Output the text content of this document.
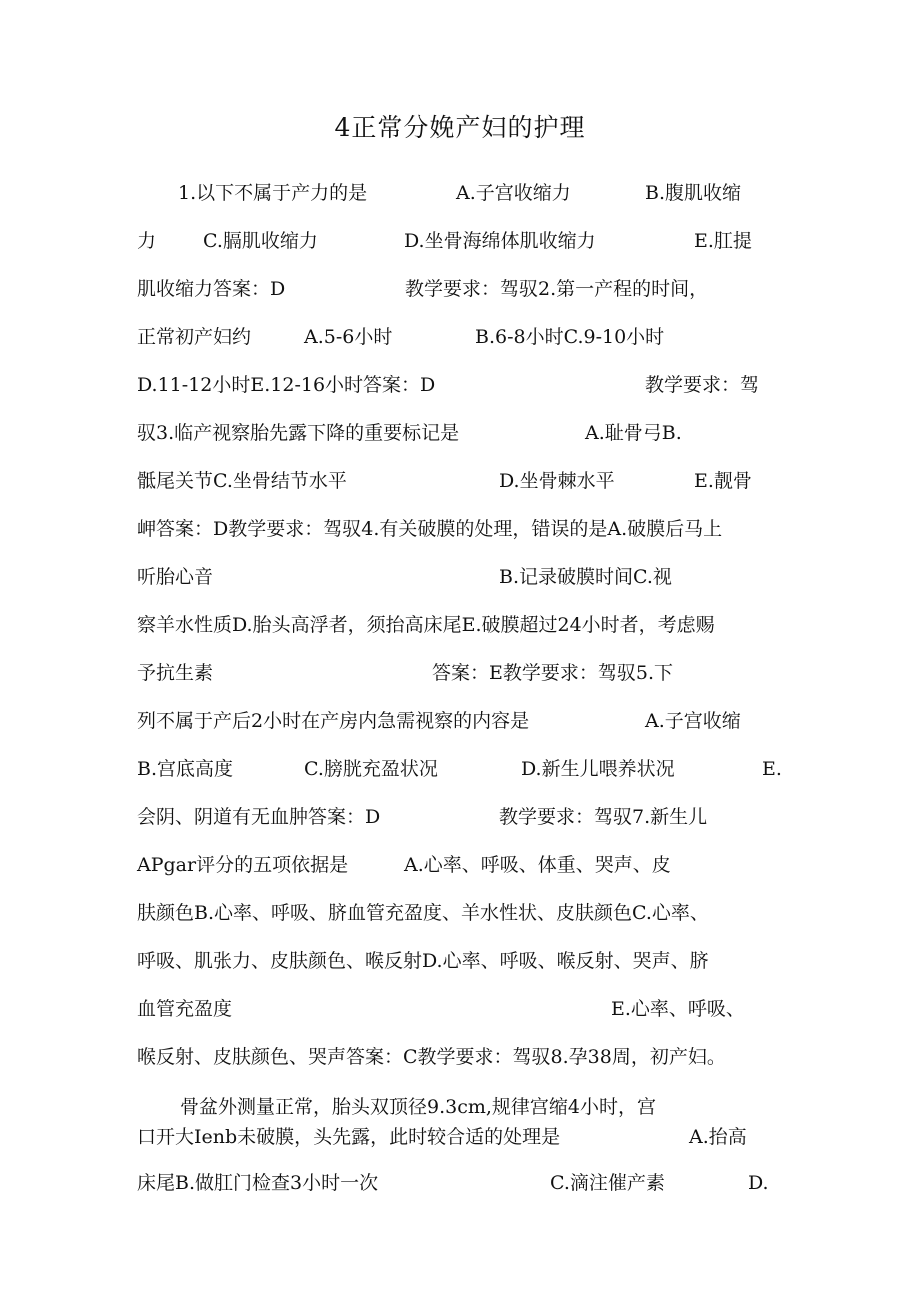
4正常分娩产妇的护理
1.以下不属于产力的是	A.子宫收缩力	B.腹肌收缩
力 C.膈肌收缩力	D.坐骨海绵体肌收缩力	E.肛提
肌收缩力答案：D	教学要求：驾驭2.第一产程的时间，
正常初产妇约	A.5-6小时	B.6-8小时C.9-10小时
D.11-12小时E.12-16小时答案：D	教学要求：驾
驭3.临产视察胎先露下降的重要标记是	A.耻骨弓B.
骶尾关节C.坐骨结节水平	D.坐骨棘水平	E.靓骨
岬答案：D教学要求：驾驭4.有关破膜的处理，错误的是A.破膜后马上
听胎心音	B.记录破膜时间C.视
察羊水性质D.胎头高浮者，须抬高床尾E.破膜超过24小时者，考虑赐
予抗生素	答案：E教学要求：驾驭5.下
列不属于产后2小时在产房内急需视察的内容是	A.子宫收缩
B.宫底高度	C.膀胱充盈状况	D.新生儿喂养状况	E.
会阴、阴道有无血肿答案：D	教学要求：驾驭7.新生儿
APgar评分的五项依据是	A.心率、呼吸、体重、哭声、皮
肤颜色B.心率、呼吸、脐血管充盈度、羊水性状、皮肤颜色C.心率、
呼吸、肌张力、皮肤颜色、喉反射D.心率、呼吸、喉反射、哭声、脐
血管充盈度	E.心率、呼吸、
喉反射、皮肤颜色、哭声答案：C教学要求：驾驭8.孕38周，初产妇。
骨盆外测量正常，胎头双顶径9.3cm,规律宫缩4小时，宫
口开大Ienb未破膜，头先露，此时较合适的处理是	A.抬高
床尾B.做肛门检查3小时一次	C.滴注催产素	D.
